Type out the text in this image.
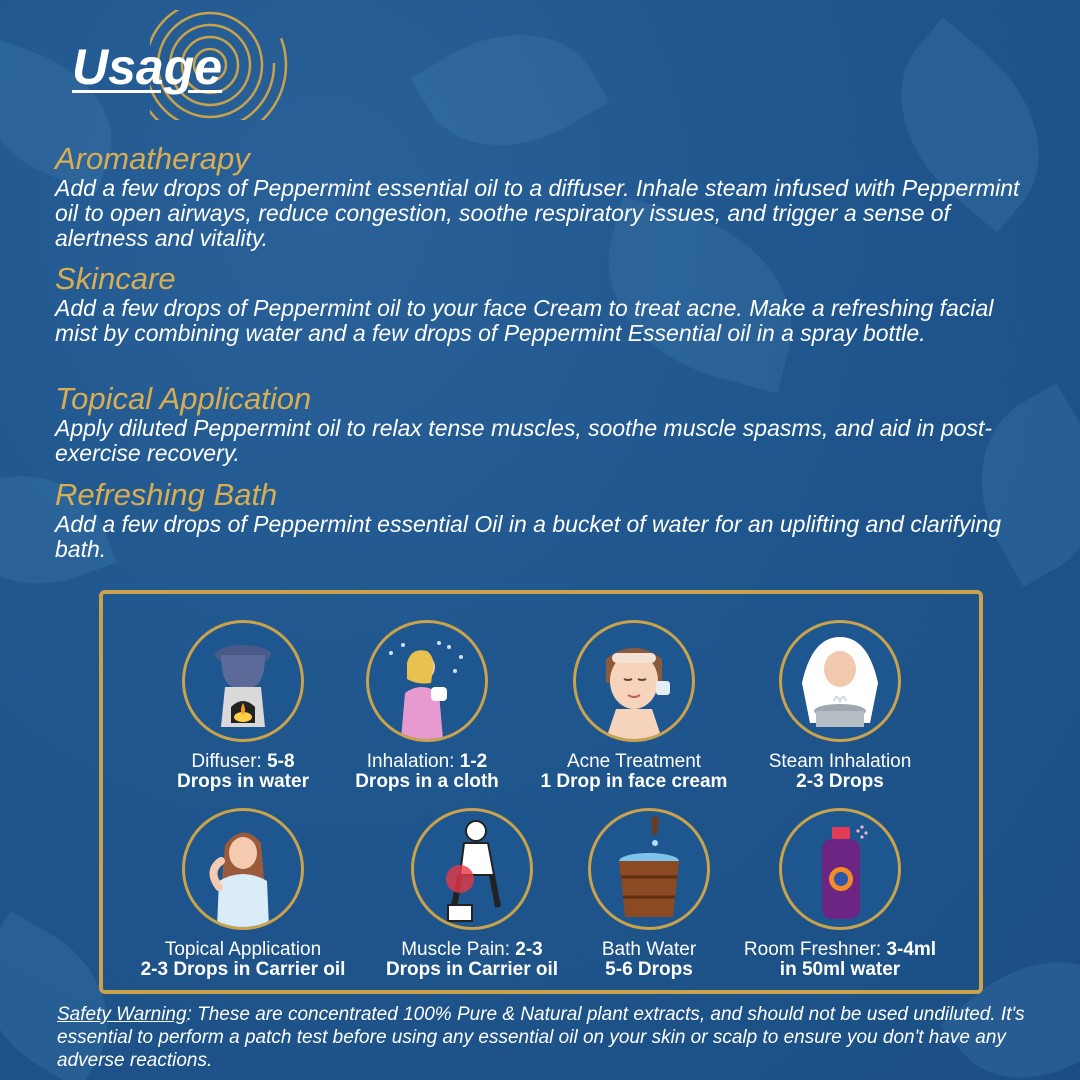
Usage
Aromatherapy

Add a few drops of Peppermint essential oil to a diffuser. Inhale steam infused with Peppermint oil to open airways, reduce congestion, soothe respiratory issues, and trigger a sense of alertness and vitality.

Skincare

Add a few drops of Peppermint oil to your face Cream to treat acne. Make a refreshing facial mist by combining water and a few drops of Peppermint Essential oil in a spray bottle.

Topical Application

Apply diluted Peppermint oil to relax tense muscles, soothe muscle spasms, and aid in post-exercise recovery.

Refreshing Bath

Add a few drops of Peppermint essential Oil in a bucket of water for an uplifting and clarifying bath.

Diffuser: 5-8
Drops in water
Inhalation: 1-2
Drops in a cloth
Acne Treatment
1 Drop in face cream
Steam Inhalation
2-3 Drops
Topical Application
2-3 Drops in Carrier oil
Muscle Pain: 2-3
Drops in Carrier oil
Bath Water
5-6 Drops
Room Freshner: 3-4ml
in 50ml water
Safety Warning: These are concentrated 100% Pure & Natural plant extracts, and should not be used undiluted. It's essential to perform a patch test before using any essential oil on your skin or scalp to ensure you don't have any adverse reactions.
